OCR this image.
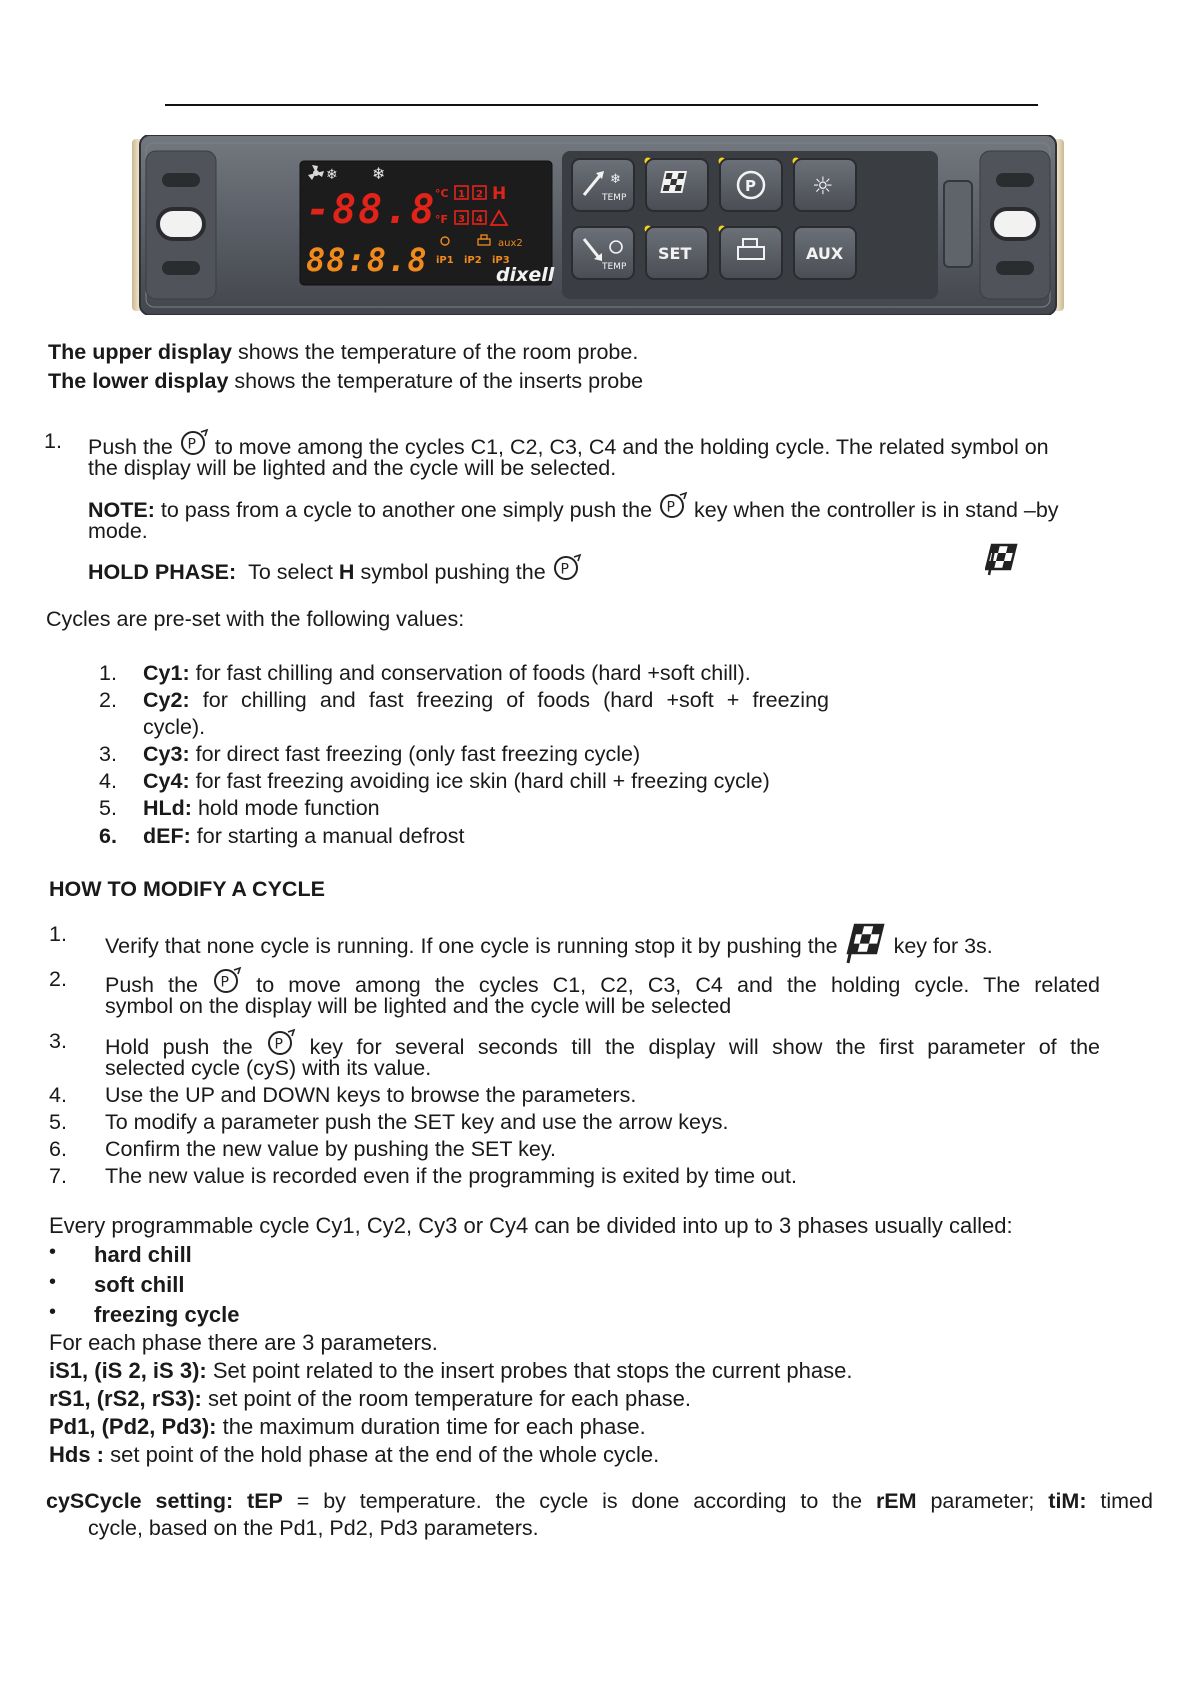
❄ ❄
-88.8
°C
°F
1 2
3 4
H
88:8.8	aux2
iP1 iP2 iP3
dixell
❄
TEMP
P ☼
TEMP
SET	AUX
The upper display shows the temperature of the room probe.
The lower display shows the temperature of the inserts probe
1. Push the P to move among the cycles C1, C2, C3, C4 and the holding cycle. The related symbol on
the display will be lighted and the cycle will be selected.
NOTE: to pass from a cycle to another one simply push the P key when the controller is in stand –by
mode.
HOLD PHASE: To select H symbol pushing the P
Cycles are pre-set with the following values:
1. Cy1: for fast chilling and conservation of foods (hard +soft chill).
2. Cy2: for chilling and fast freezing of foods (hard +soft + freezing
cycle).
3. Cy3: for direct fast freezing (only fast freezing cycle)
4. Cy4: for fast freezing avoiding ice skin (hard chill + freezing cycle)
5. HLd: hold mode function
6. dEF: for starting a manual defrost
HOW TO MODIFY A CYCLE
1. Verify that none cycle is running. If one cycle is running stop it by pushing the	key for 3s.
2. Push the P to move among the cycles C1, C2, C3, C4 and the holding cycle. The related
symbol on the display will be lighted and the cycle will be selected
3. Hold push the P key for several seconds till the display will show the first parameter of the
selected cycle (cyS) with its value.
4. Use the UP and DOWN keys to browse the parameters.
5. To modify a parameter push the SET key and use the arrow keys.
6. Confirm the new value by pushing the SET key.
7. The new value is recorded even if the programming is exited by time out.
Every programmable cycle Cy1, Cy2, Cy3 or Cy4 can be divided into up to 3 phases usually called:
• hard chill
• soft chill
• freezing cycle
For each phase there are 3 parameters.
iS1, (iS 2, iS 3): Set point related to the insert probes that stops the current phase.
rS1, (rS2, rS3): set point of the room temperature for each phase.
Pd1, (Pd2, Pd3): the maximum duration time for each phase.
Hds : set point of the hold phase at the end of the whole cycle.
cySCycle setting: tEP = by temperature. the cycle is done according to the rEM parameter; tiM: timed
cycle, based on the Pd1, Pd2, Pd3 parameters.
